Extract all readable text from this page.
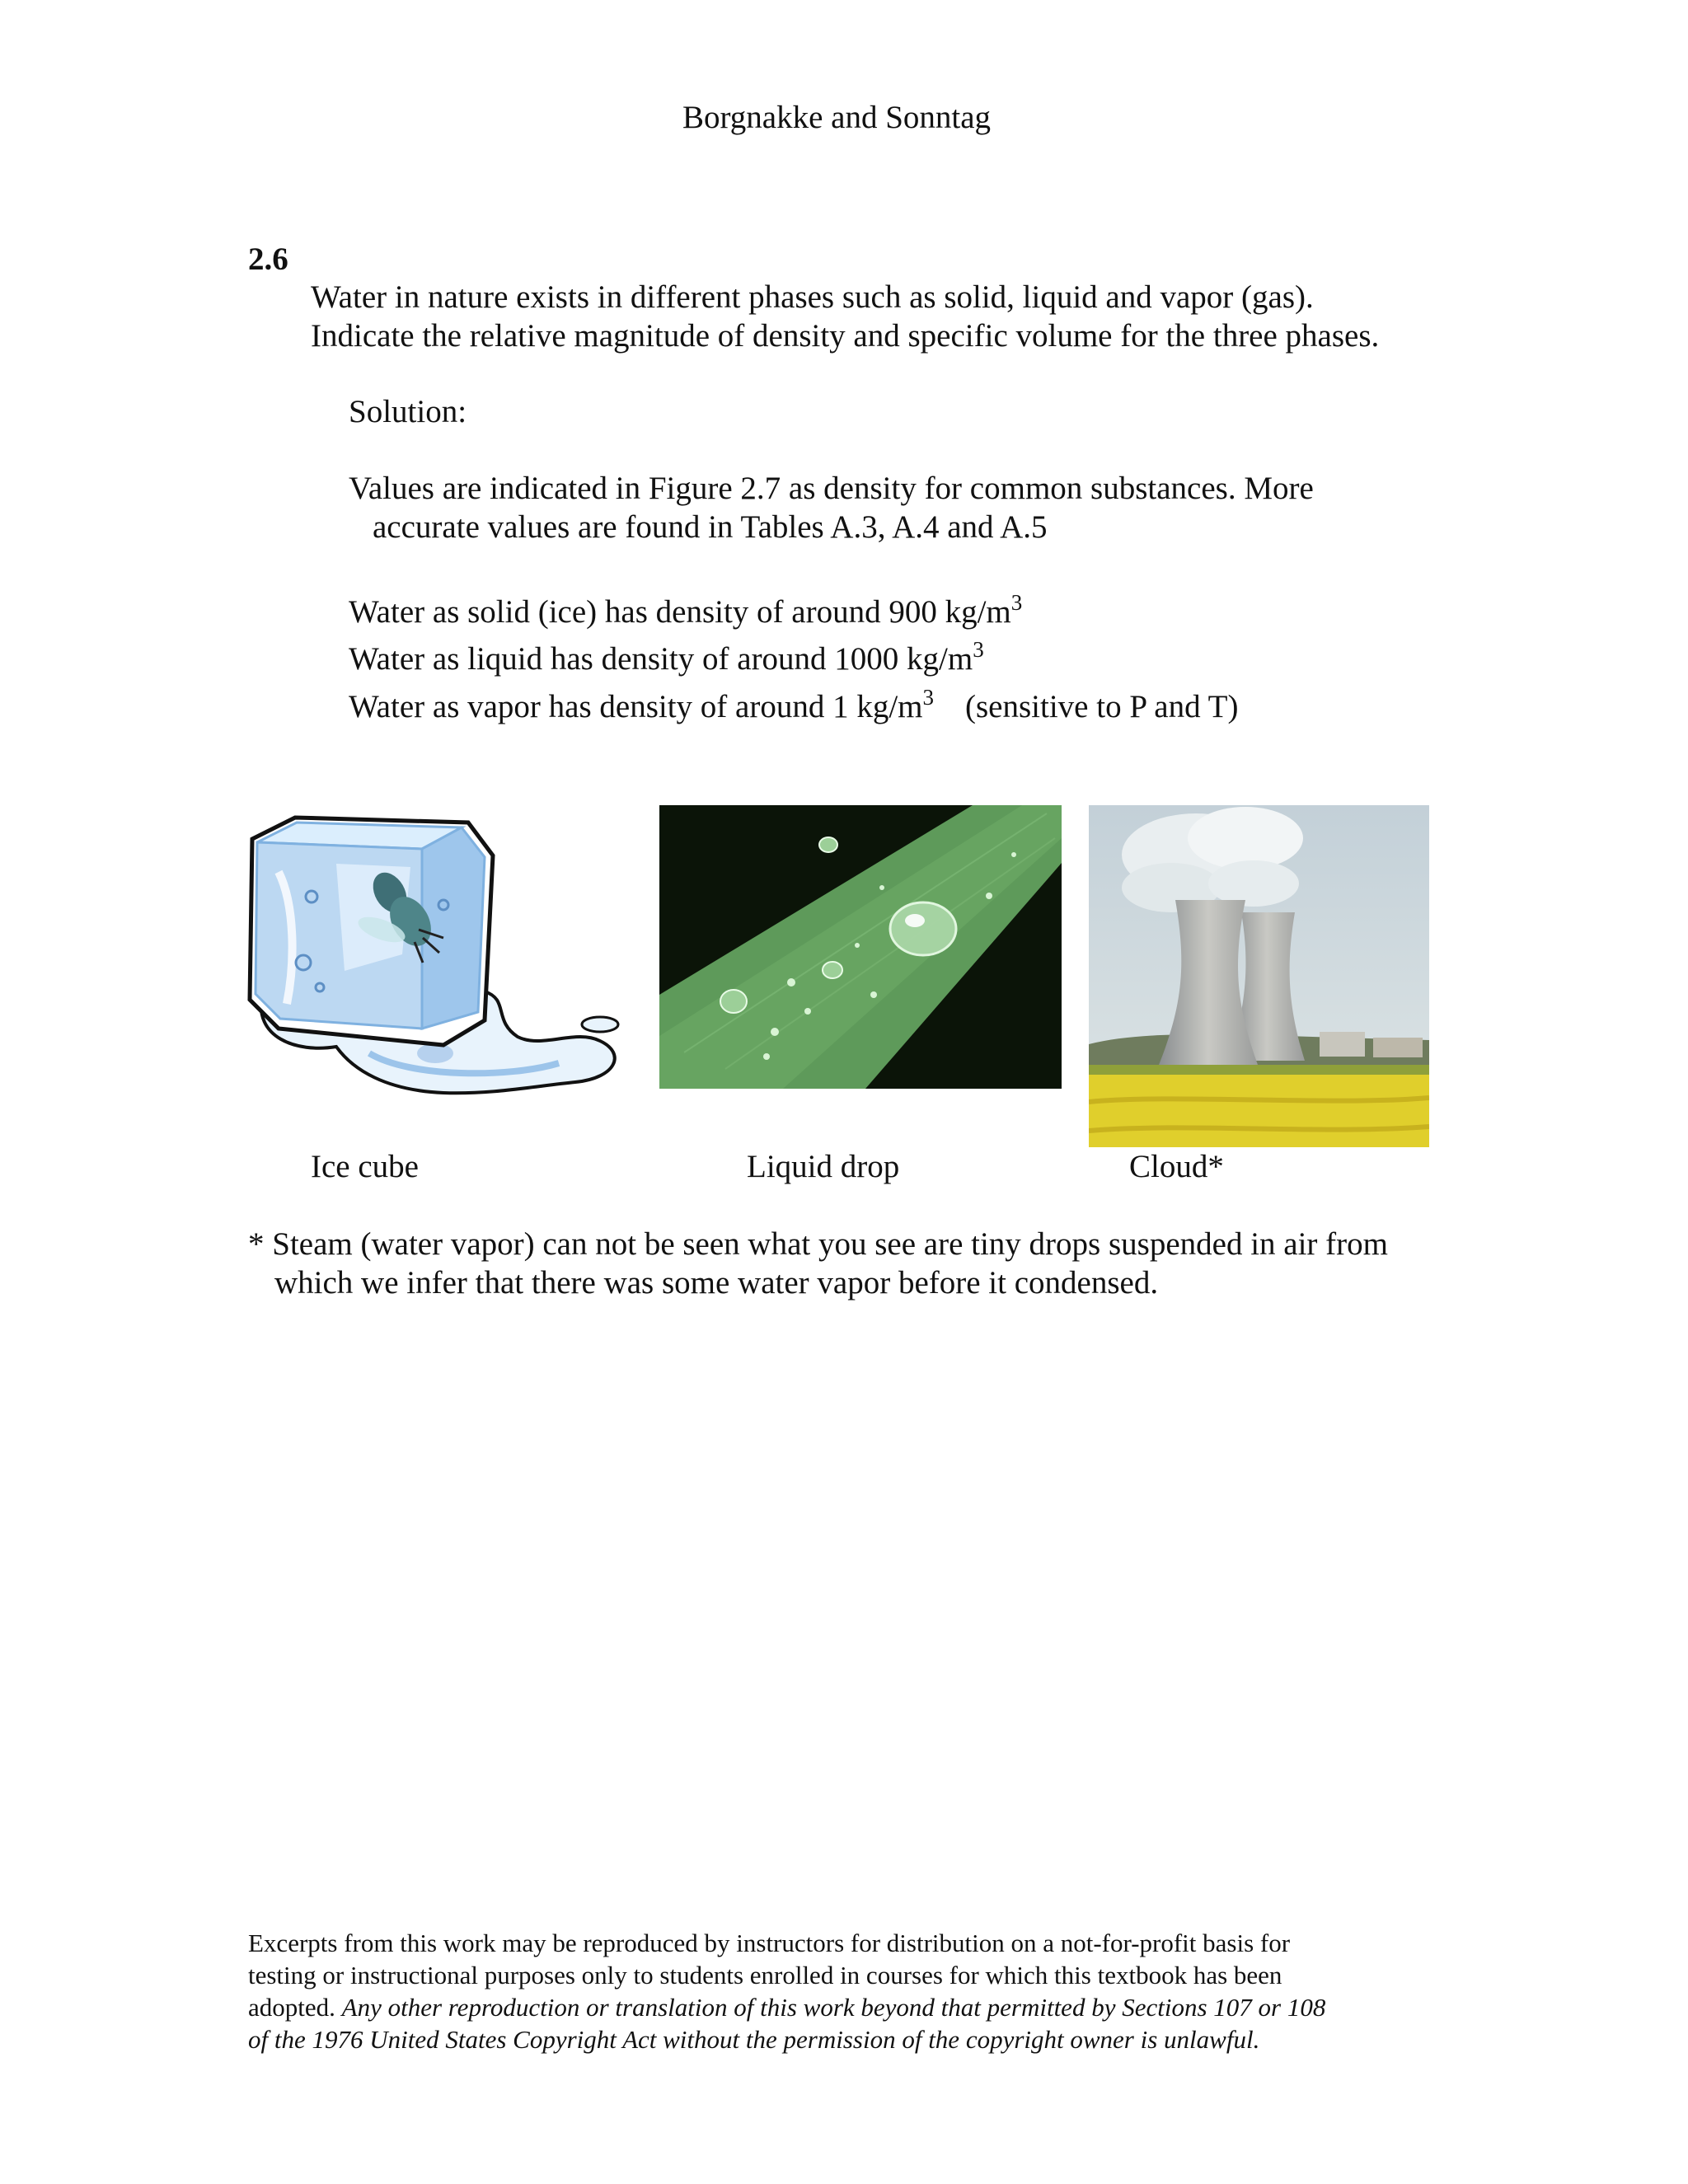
Borgnakke and Sonntag
2.6
Water in nature exists in different phases such as solid, liquid and vapor (gas).
Indicate the relative magnitude of density and specific volume for the three phases.
Solution:
Values are indicated in Figure 2.7 as density for common substances. More
accurate values are found in Tables A.3, A.4 and A.5
Water as solid (ice) has density of around 900 $kg/m^3$
Water as liquid has density of around 1000 $kg/m^3$
Water as vapor has density of around 1 $kg/m^3$ (sensitive to P and T)
Ice cube	Liquid drop	Cloud*
* Steam (water vapor) can not be seen what you see are tiny drops suspended in air from
which we infer that there was some water vapor before it condensed.
Excerpts from this work may be reproduced by instructors for distribution on a not-for-profit basis for
testing or instructional purposes only to students enrolled in courses for which this textbook has been
adopted. Any other reproduction or translation of this work beyond that permitted by Sections 107 or 108
of the 1976 United States Copyright Act without the permission of the copyright owner is unlawful.
